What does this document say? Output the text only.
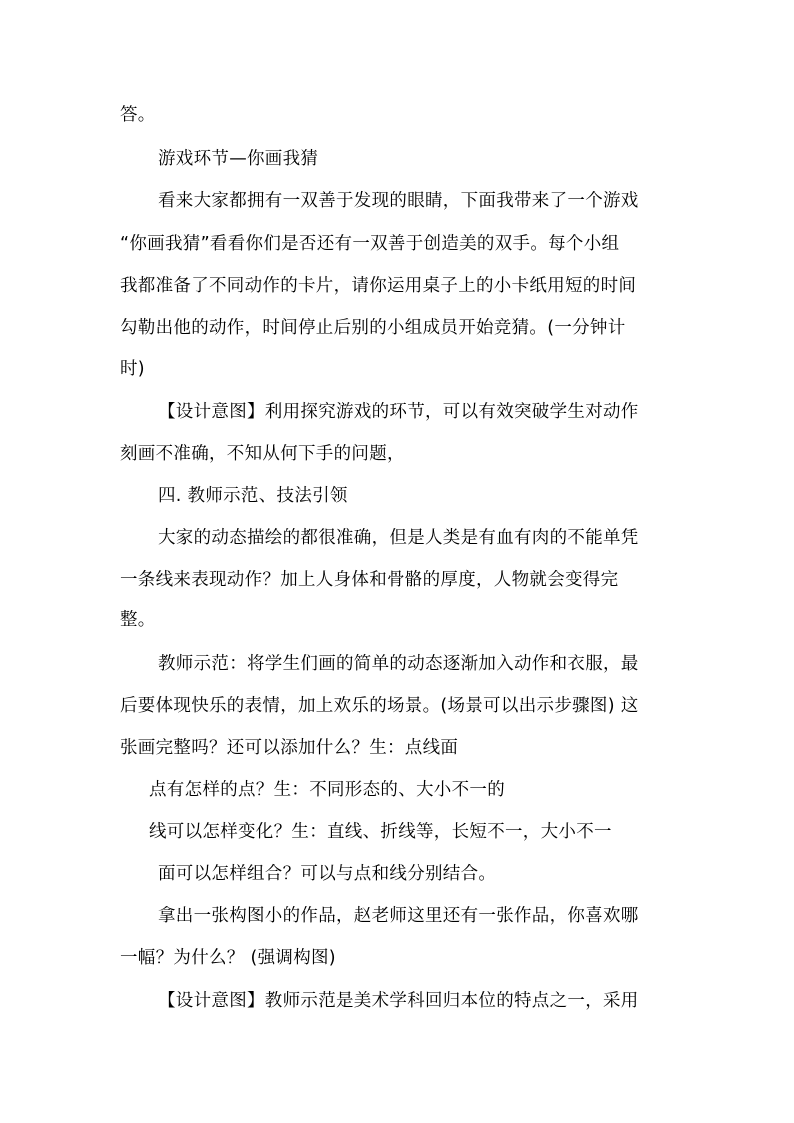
答。
游戏环节—你画我猜
看来大家都拥有一双善于发现的眼睛，下面我带来了一个游戏
“你画我猜”看看你们是否还有一双善于创造美的双手。每个小组
我都准备了不同动作的卡片，请你运用桌子上的小卡纸用短的时间
勾勒出他的动作，时间停止后别的小组成员开始竞猜。(一分钟计
时)
【设计意图】利用探究游戏的环节，可以有效突破学生对动作
刻画不准确，不知从何下手的问题，
四. 教师示范、技法引领
大家的动态描绘的都很准确，但是人类是有血有肉的不能单凭
一条线来表现动作？加上人身体和骨骼的厚度，人物就会变得完
整。
教师示范：将学生们画的简单的动态逐渐加入动作和衣服，最
后要体现快乐的表情，加上欢乐的场景。(场景可以出示步骤图) 这
张画完整吗？还可以添加什么？生：点线面
点有怎样的点？生：不同形态的、大小不一的
线可以怎样变化？生：直线、折线等，长短不一，大小不一
面可以怎样组合？可以与点和线分别结合。
拿出一张构图小的作品，赵老师这里还有一张作品，你喜欢哪
一幅？为什么？ (强调构图)
【设计意图】教师示范是美术学科回归本位的特点之一，采用
